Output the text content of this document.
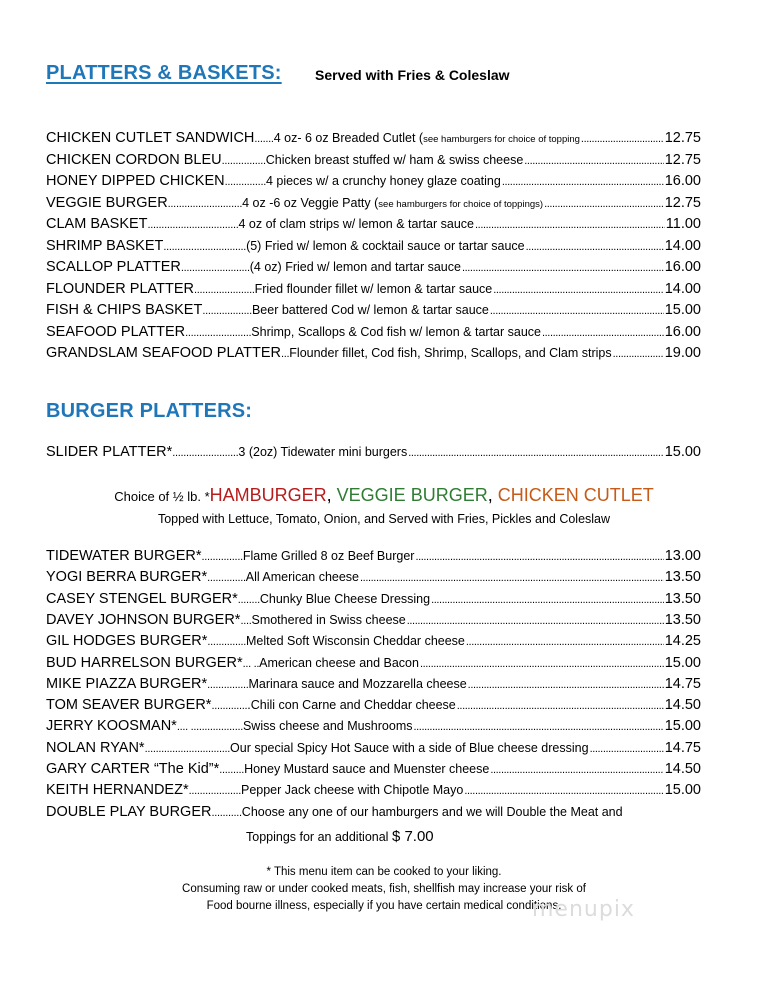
PLATTERS & BASKETS: Served with Fries & Coleslaw
CHICKEN CUTLET SANDWICH ....... 4 oz- 6 oz Breaded Cutlet (see hamburgers for choice of topping .....	12.75
CHICKEN CORDON BLEU ................ Chicken breast stuffed w/ ham & swiss cheese .....	12.75
HONEY DIPPED CHICKEN ............... 4 pieces w/ a crunchy honey glaze coating .....	16.00
VEGGIE BURGER ........................... 4 oz -6 oz Veggie Patty (see hamburgers for choice of toppings) .....	12.75
CLAM BASKET ................................. 4 oz of clam strips w/ lemon & tartar sauce .....	11.00
SHRIMP BASKET .............................. (5) Fried w/ lemon & cocktail sauce or tartar sauce .....	14.00
SCALLOP PLATTER ......................... (4 oz) Fried w/ lemon and tartar sauce .....	16.00
FLOUNDER PLATTER ...................... Fried flounder fillet w/ lemon & tartar sauce .....	14.00
FISH & CHIPS BASKET .................. Beer battered Cod w/ lemon & tartar sauce .....	15.00
SEAFOOD PLATTER ........................ Shrimp, Scallops & Cod fish w/ lemon & tartar sauce .....	16.00
GRANDSLAM SEAFOOD PLATTER ... Flounder fillet, Cod fish, Shrimp, Scallops, and Clam strips .....	19.00
BURGER PLATTERS:
SLIDER PLATTER* ........................ 3 (2oz) Tidewater mini burgers .....	15.00
Choice of ½ lb. *HAMBURGER, VEGGIE BURGER, CHICKEN CUTLET
Topped with Lettuce, Tomato, Onion, and Served with Fries, Pickles and Coleslaw
TIDEWATER BURGER* ............... Flame Grilled 8 oz Beef Burger .....	13.00
YOGI BERRA BURGER* .............. All American cheese .....	13.50
CASEY STENGEL BURGER* ........ Chunky Blue Cheese Dressing .....	13.50
DAVEY JOHNSON BURGER* .... Smothered in Swiss cheese .....	13.50
GIL HODGES BURGER* .............. Melted Soft Wisconsin Cheddar cheese .....	14.25
BUD HARRELSON BURGER* ... .. American cheese and Bacon .....	15.00
MIKE PIAZZA BURGER* ............... Marinara sauce and Mozzarella cheese .....	14.75
TOM SEAVER BURGER* ............. .Chili con Carne and Cheddar cheese .....	14.50
JERRY KOOSMAN* .... ................... Swiss cheese and Mushrooms .....	15.00
NOLAN RYAN* ............................... Our special Spicy Hot Sauce with a side of Blue cheese dressing .....	14.75
GARY CARTER “The Kid”* ......... Honey Mustard sauce and Muenster cheese .....	14.50
KEITH HERNANDEZ* ................... Pepper Jack cheese with Chipotle Mayo .....	15.00
DOUBLE PLAY BURGER ........... Choose any one of our hamburgers and we will Double the Meat and
Toppings for an additional $ 7.00
* This menu item can be cooked to your liking.
Consuming raw or under cooked meats, fish, shellfish may increase your risk of
Food bourne illness, especially if you have certain medical conditions.
menupix
